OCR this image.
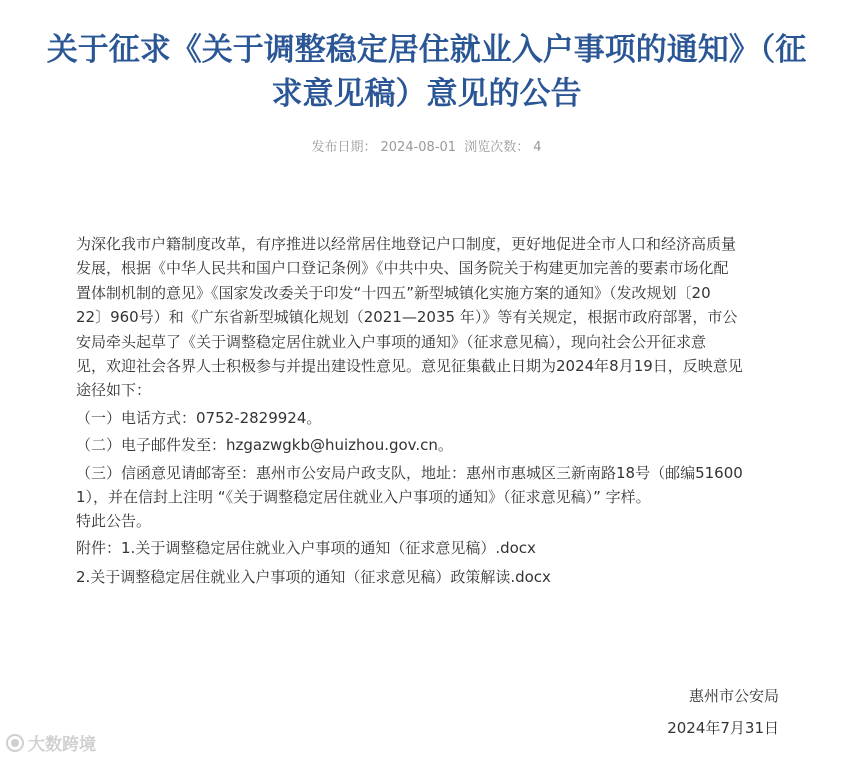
关于征求《关于调整稳定居住就业入户事项的通知》（征
求意见稿）意见的公告
发布日期： 2024-08-01 浏览次数： 4

为深化我市户籍制度改革，有序推进以经常居住地登记户口制度，更好地促进全市人口和经济高质量

发展，根据《中华人民共和国户口登记条例》《中共中央、国务院关于构建更加完善的要素市场化配

置体制机制的意见》《国家发改委关于印发“十四五”新型城镇化实施方案的通知》（发改规划〔20

22〕960号）和《广东省新型城镇化规划（2021—2035 年）》等有关规定，根据市政府部署，市公

安局牵头起草了《关于调整稳定居住就业入户事项的通知》（征求意见稿），现向社会公开征求意

见，欢迎社会各界人士积极参与并提出建设性意见。意见征集截止日期为2024年8月19日，反映意见

途径如下：

（一）电话方式：0752-2829924。

（二）电子邮件发至：hzgazwgkb@huizhou.gov.cn。

（三）信函意见请邮寄至：惠州市公安局户政支队，地址：惠州市惠城区三新南路18号（邮编51600

1），并在信封上注明 “《关于调整稳定居住就业入户事项的通知》（征求意见稿）” 字样。

特此公告。

附件：1.关于调整稳定居住就业入户事项的通知（征求意见稿）.docx

2.关于调整稳定居住就业入户事项的通知（征求意见稿）政策解读.docx

惠州市公安局
2024年7月31日
大数跨境
